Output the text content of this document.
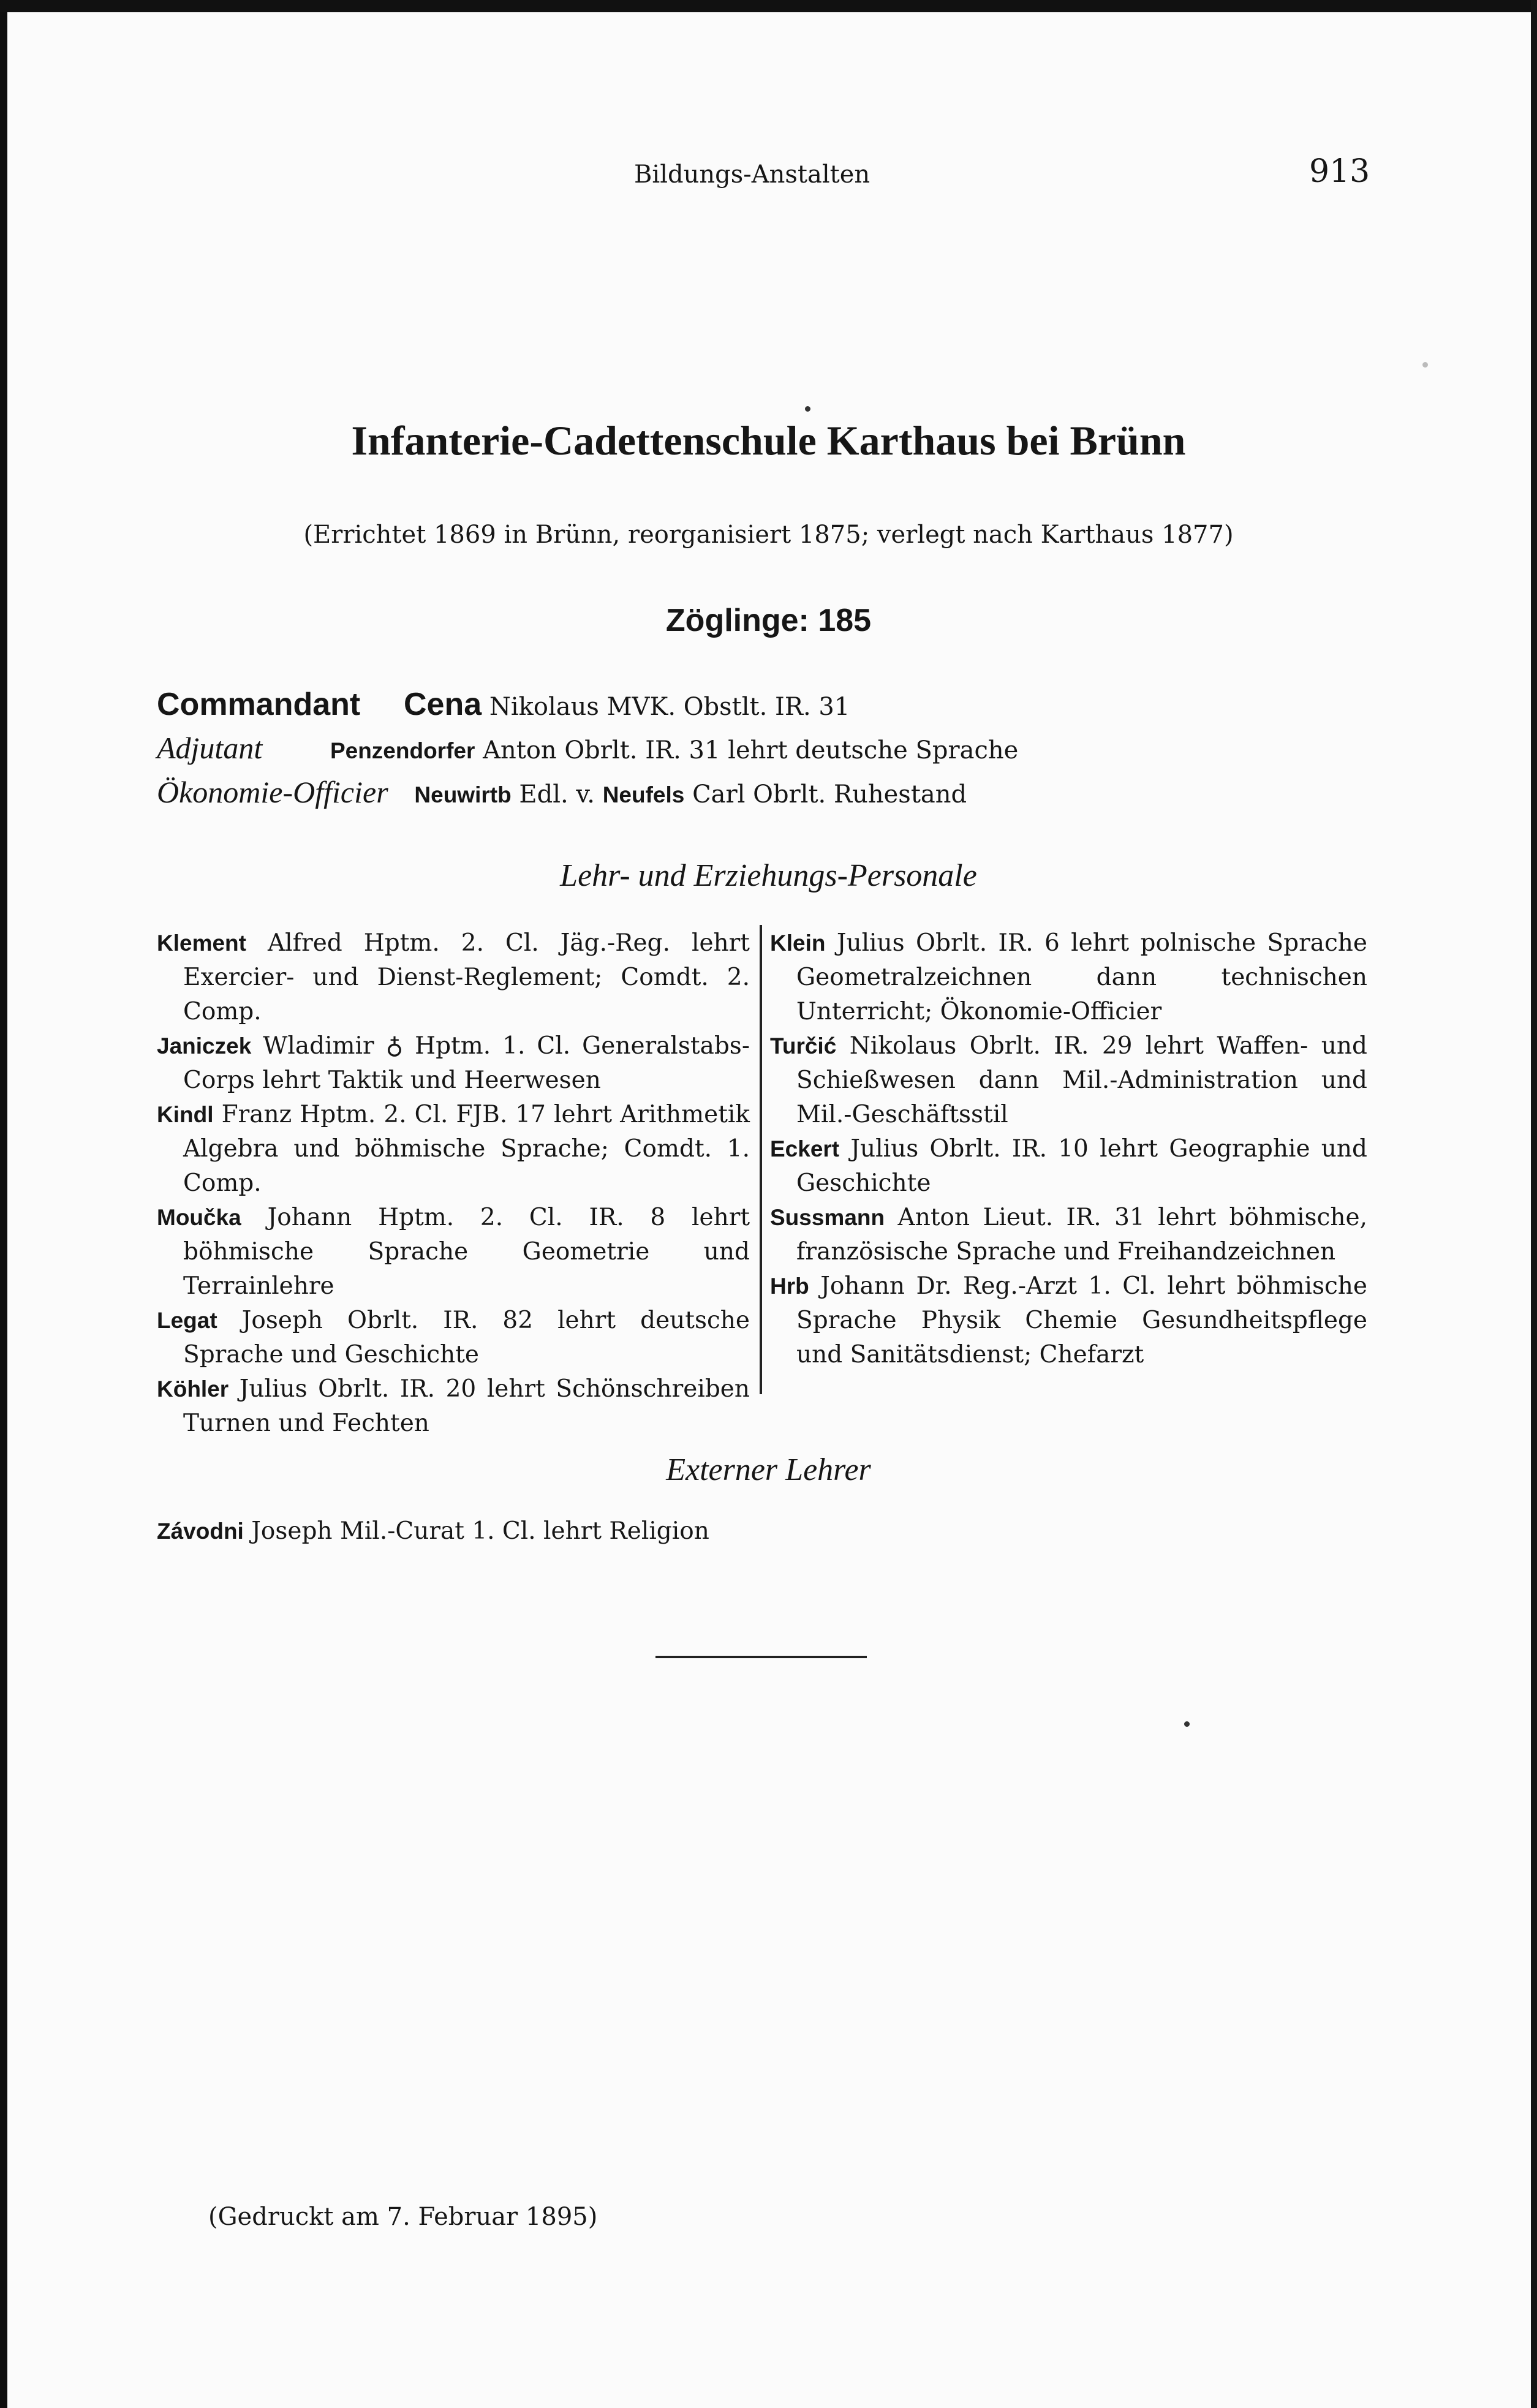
Bildungs-Anstalten	913
Infanterie-Cadettenschule Karthaus bei Brünn
(Errichtet 1869 in Brünn, reorganisiert 1875; verlegt nach Karthaus 1877)
Zöglinge: 185
Commandant Cena Nikolaus MVK. Obstlt. IR. 31
Adjutant	Penzendorfer Anton Obrlt. IR. 31 lehrt deutsche Sprache
Ökonomie-Officier Neuwirtb Edl. v. Neufels Carl Obrlt. Ruhestand
Lehr- und Erziehungs-Personale

Klement Alfred Hptm. 2. Cl. Jäg.-Reg. lehrt Exercier- und Dienst-Reglement; Comdt. 2. Comp.

Janiczek Wladimir ♁ Hptm. 1. Cl. Generalstabs-Corps lehrt Taktik und Heerwesen

Kindl Franz Hptm. 2. Cl. FJB. 17 lehrt Arithmetik Algebra und böhmische Sprache; Comdt. 1. Comp.

Moučka Johann Hptm. 2. Cl. IR. 8 lehrt böhmische Sprache Geometrie und Terrainlehre

Legat Joseph Obrlt. IR. 82 lehrt deutsche Sprache und Geschichte

Köhler Julius Obrlt. IR. 20 lehrt Schönschreiben Turnen und Fechten

Klein Julius Obrlt. IR. 6 lehrt polnische Sprache Geometralzeichnen dann technischen Unterricht; Ökonomie-Officier

Turčić Nikolaus Obrlt. IR. 29 lehrt Waffen- und Schießwesen dann Mil.-Administration und Mil.-Geschäftsstil

Eckert Julius Obrlt. IR. 10 lehrt Geographie und Geschichte

Sussmann Anton Lieut. IR. 31 lehrt böhmische, französische Sprache und Freihandzeichnen

Hrb Johann Dr. Reg.-Arzt 1. Cl. lehrt böhmische Sprache Physik Chemie Gesundheitspflege und Sanitätsdienst; Chefarzt

Externer Lehrer
Závodni Joseph Mil.-Curat 1. Cl. lehrt Religion
(Gedruckt am 7. Februar 1895)
